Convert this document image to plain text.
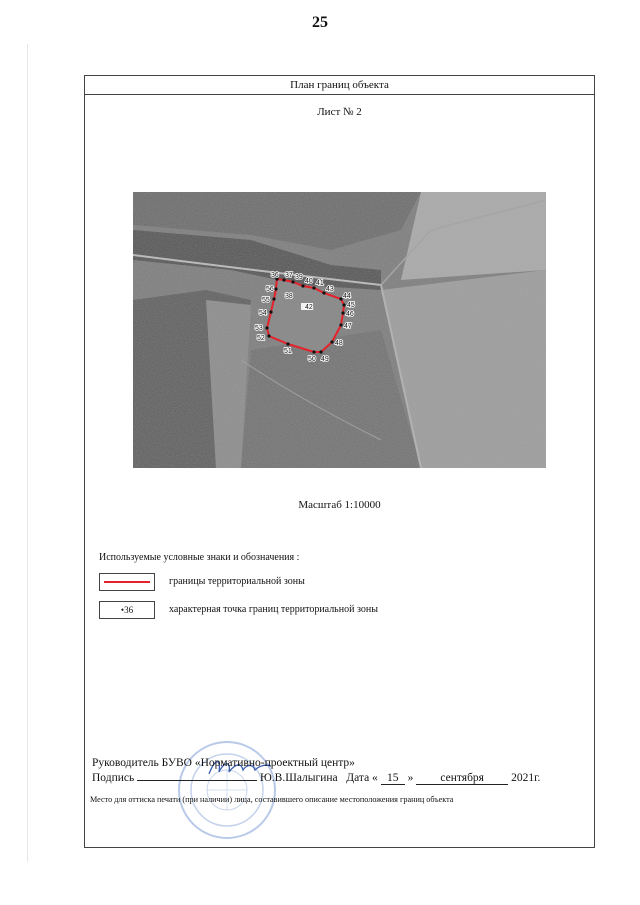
25
План границ объекта
Лист № 2
36 37 39
40 41
43
44
45
46
47
48
49
50
51
52
53
54
55
56
38
42
Масштаб 1:10000
Используемые условные знаки и обозначения :
границы территориальной зоны
•36	характерная точка границ территориальной зоны
Руководитель БУВО «Нормативно-проектный центр»
Подпись	Ю.В.Шалыгина Дата « 15 » сентября 2021г.
Место для оттиска печати (при наличии) лица, составившего описание местоположения границ объекта
